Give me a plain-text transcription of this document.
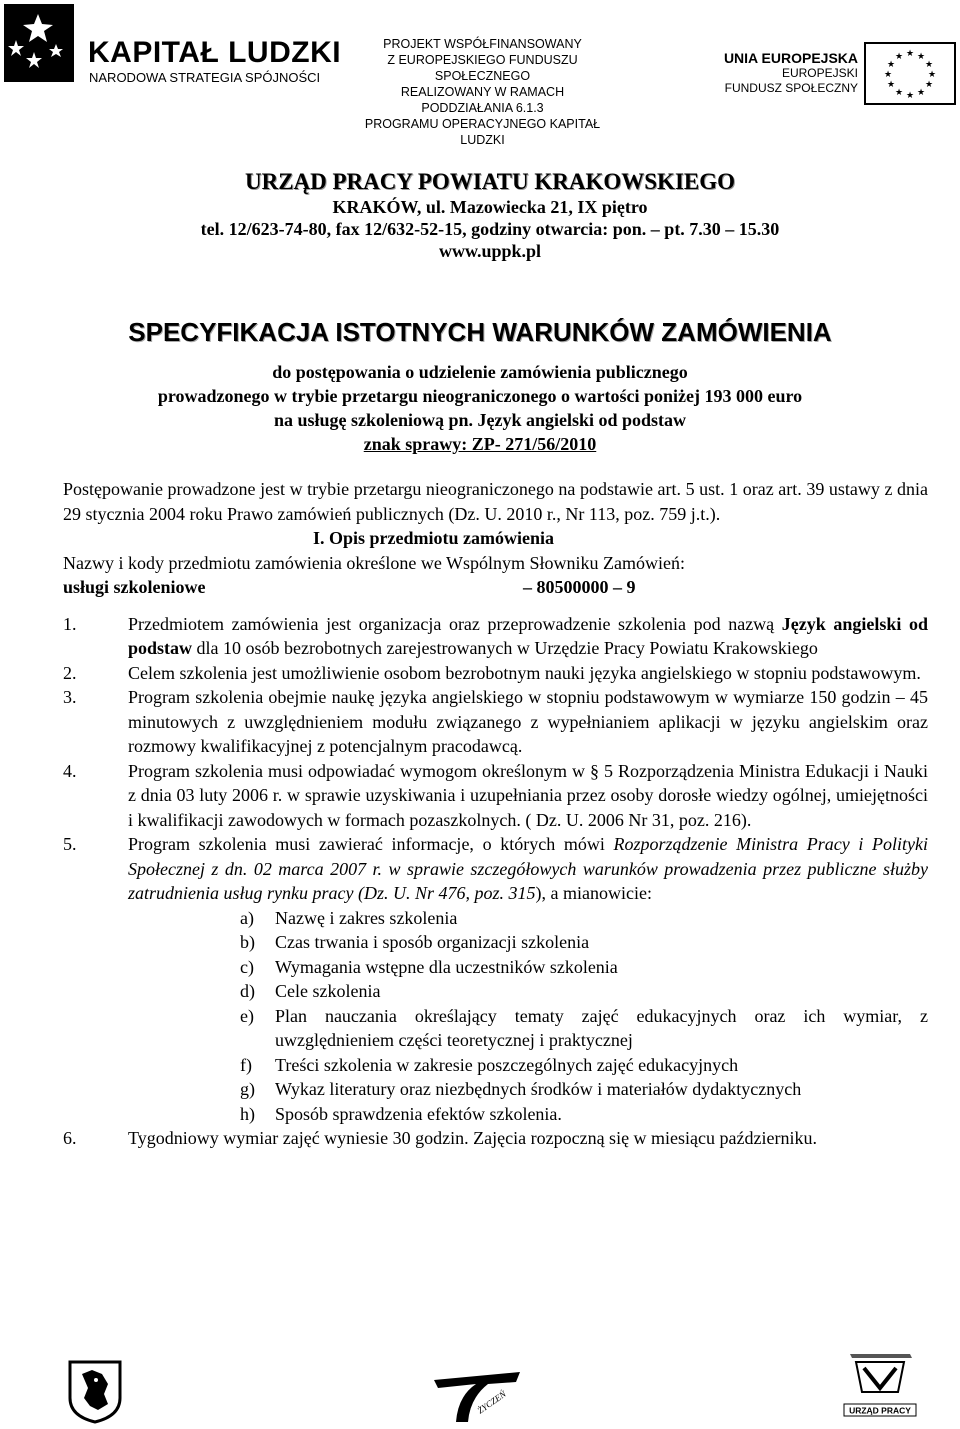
KAPITAŁ LUDZKI
NARODOWA STRATEGIA SPÓJNOŚCI
PROJEKT WSPÓŁFINANSOWANY
Z EUROPEJSKIEGO FUNDUSZU SPOŁECZNEGO
REALIZOWANY W RAMACH
PODDZIAŁANIA 6.1.3
PROGRAMU OPERACYJNEGO KAPITAŁ LUDZKI
UNIA EUROPEJSKA
EUROPEJSKI
FUNDUSZ SPOŁECZNY
★ ★
★
★
★
★
★
★
★
★
★
★
URZĄD PRACY POWIATU KRAKOWSKIEGO
KRAKÓW, ul. Mazowiecka 21, IX piętro
tel. 12/623-74-80, fax 12/632-52-15, godziny otwarcia: pon. – pt. 7.30 – 15.30
www.uppk.pl
SPECYFIKACJA ISTOTNYCH WARUNKÓW ZAMÓWIENIA
do postępowania o udzielenie zamówienia publicznego
prowadzonego w trybie przetargu nieograniczonego o wartości poniżej 193 000 euro
na usługę szkoleniową pn. Język angielski od podstaw
znak sprawy: ZP- 271/56/2010
Postępowanie prowadzone jest w trybie przetargu nieograniczonego na podstawie art. 5 ust. 1 oraz art. 39 ustawy z dnia 29 stycznia 2004 roku Prawo zamówień publicznych (Dz. U. 2010 r., Nr 113, poz. 759 j.t.).
I. Opis przedmiotu zamówienia
Nazwy i kody przedmiotu zamówienia określone we Wspólnym Słowniku Zamówień:
usługi szkoleniowe	– 80500000 – 9
1.	Przedmiotem zamówienia jest organizacja oraz przeprowadzenie szkolenia pod nazwą Język angielski od podstaw dla 10 osób bezrobotnych zarejestrowanych w Urzędzie Pracy Powiatu Krakowskiego
2.	Celem szkolenia jest umożliwienie osobom bezrobotnym nauki języka angielskiego w stopniu podstawowym.
3.	Program szkolenia obejmie naukę języka angielskiego w stopniu podstawowym w wymiarze 150 godzin – 45 minutowych z uwzględnieniem modułu związanego z wypełnianiem aplikacji w języku angielskim oraz rozmowy kwalifikacyjnej z potencjalnym pracodawcą.
4.	Program szkolenia musi odpowiadać wymogom określonym w § 5 Rozporządzenia Ministra Edukacji i Nauki z dnia 03 luty 2006 r. w sprawie uzyskiwania i uzupełniania przez osoby dorosłe wiedzy ogólnej, umiejętności i kwalifikacji zawodowych w formach pozaszkolnych. ( Dz. U. 2006 Nr 31, poz. 216).
5.	Program szkolenia musi zawierać informacje, o których mówi Rozporządzenie Ministra Pracy i Polityki Społecznej z dn. 02 marca 2007 r. w sprawie szczegółowych warunków prowadzenia przez publiczne służby zatrudnienia usług rynku pracy (Dz. U. Nr 476, poz. 315), a mianowicie:
a)	Nazwę i zakres szkolenia
b)	Czas trwania i sposób organizacji szkolenia
c)	Wymagania wstępne dla uczestników szkolenia
d)	Cele szkolenia
e)	Plan nauczania określający tematy zajęć edukacyjnych oraz ich wymiar, z uwzględnieniem części teoretycznej i praktycznej
f)	Treści szkolenia w zakresie poszczególnych zajęć edukacyjnych
g)	Wykaz literatury oraz niezbędnych środków i materiałów dydaktycznych
h)	Sposób sprawdzenia efektów szkolenia.
6.	Tygodniowy wymiar zajęć wyniesie 30 godzin. Zajęcia rozpoczną się w miesiącu październiku.
ŻYCZEŃ	URZĄD PRACY
